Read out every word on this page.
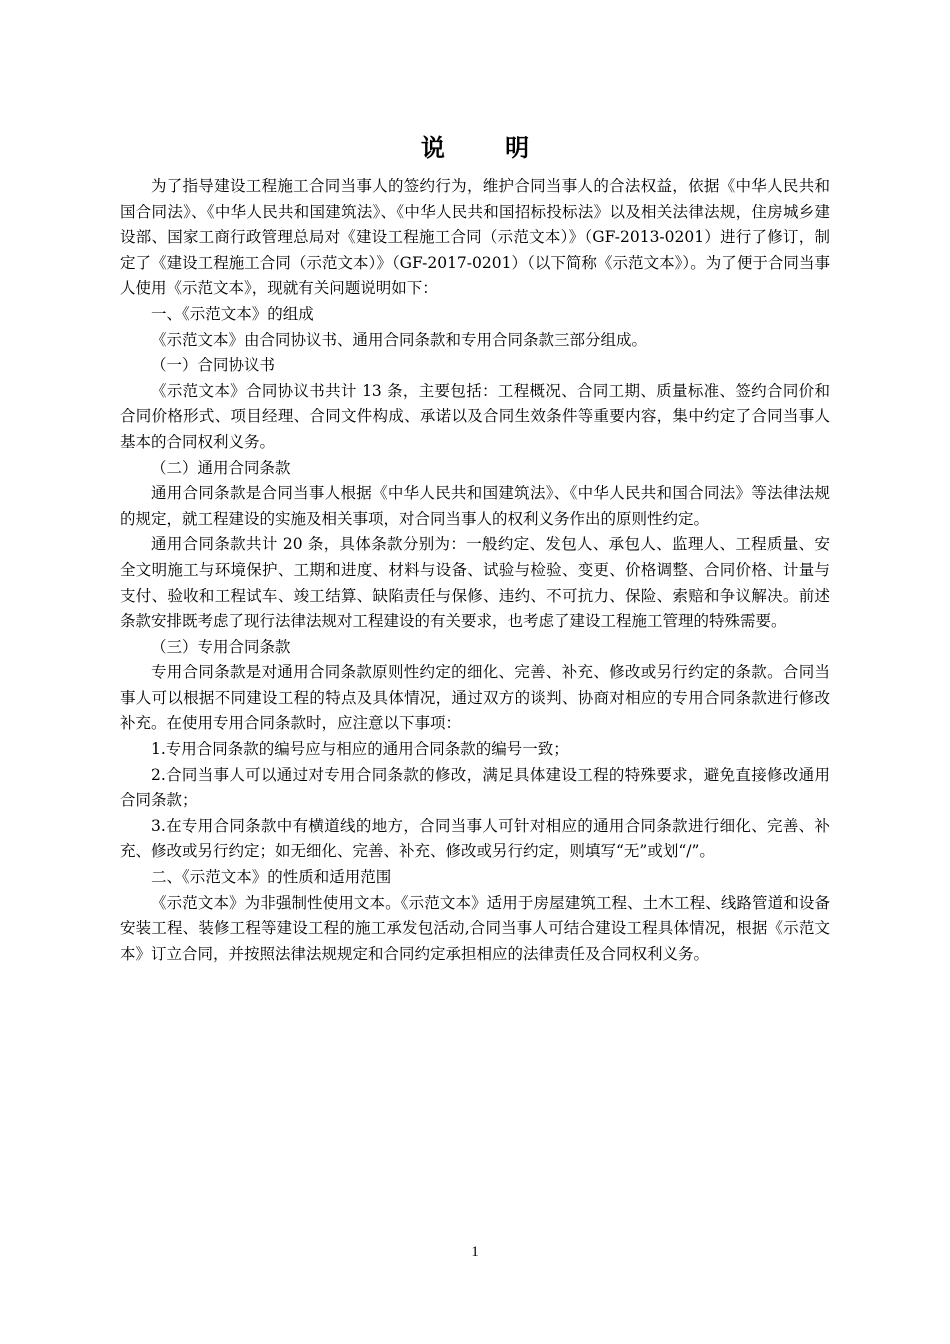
说 明

为了指导建设工程施工合同当事人的签约行为，维护合同当事人的合法权益，依据《中华人民共和国合同法》、《中华人民共和国建筑法》、《中华人民共和国招标投标法》以及相关法律法规，住房城乡建设部、国家工商行政管理总局对《建设工程施工合同（示范文本）》（GF-2013-0201）进行了修订，制定了《建设工程施工合同（示范文本）》（GF-2017-0201）（以下简称《示范文本》）。为了便于合同当事人使用《示范文本》，现就有关问题说明如下：

一、《示范文本》的组成

《示范文本》由合同协议书、通用合同条款和专用合同条款三部分组成。

（一）合同协议书

《示范文本》合同协议书共计 13 条，主要包括：工程概况、合同工期、质量标准、签约合同价和合同价格形式、项目经理、合同文件构成、承诺以及合同生效条件等重要内容，集中约定了合同当事人基本的合同权利义务。

（二）通用合同条款

通用合同条款是合同当事人根据《中华人民共和国建筑法》、《中华人民共和国合同法》等法律法规的规定，就工程建设的实施及相关事项，对合同当事人的权利义务作出的原则性约定。

通用合同条款共计 20 条，具体条款分别为：一般约定、发包人、承包人、监理人、工程质量、安全文明施工与环境保护、工期和进度、材料与设备、试验与检验、变更、价格调整、合同价格、计量与支付、验收和工程试车、竣工结算、缺陷责任与保修、违约、不可抗力、保险、索赔和争议解决。前述条款安排既考虑了现行法律法规对工程建设的有关要求，也考虑了建设工程施工管理的特殊需要。

（三）专用合同条款

专用合同条款是对通用合同条款原则性约定的细化、完善、补充、修改或另行约定的条款。合同当事人可以根据不同建设工程的特点及具体情况，通过双方的谈判、协商对相应的专用合同条款进行修改补充。在使用专用合同条款时，应注意以下事项：

1.专用合同条款的编号应与相应的通用合同条款的编号一致；

2.合同当事人可以通过对专用合同条款的修改，满足具体建设工程的特殊要求，避免直接修改通用合同条款；

3.在专用合同条款中有横道线的地方，合同当事人可针对相应的通用合同条款进行细化、完善、补充、修改或另行约定；如无细化、完善、补充、修改或另行约定，则填写“无”或划“/”。

二、《示范文本》的性质和适用范围

《示范文本》为非强制性使用文本。《示范文本》适用于房屋建筑工程、土木工程、线路管道和设备安装工程、装修工程等建设工程的施工承发包活动,合同当事人可结合建设工程具体情况，根据《示范文本》订立合同，并按照法律法规规定和合同约定承担相应的法律责任及合同权利义务。

1
